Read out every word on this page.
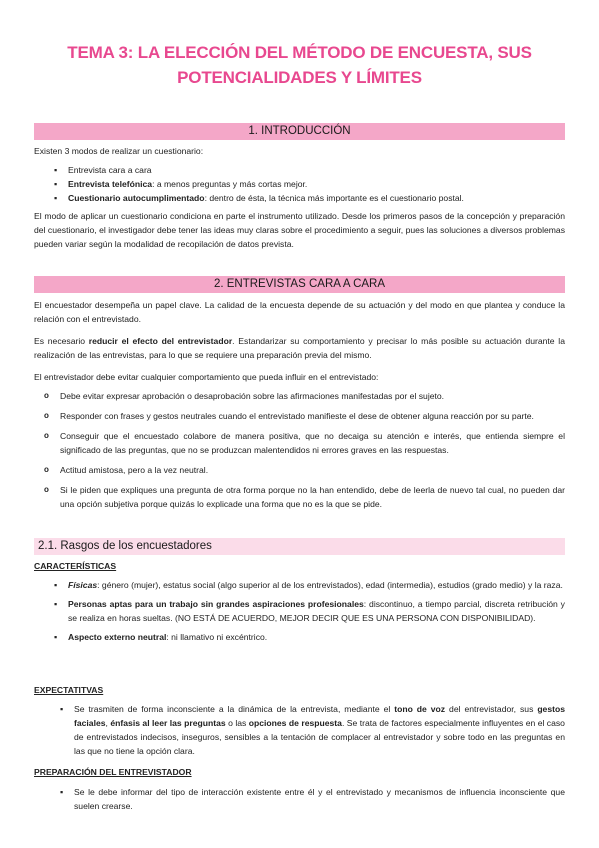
TEMA 3: LA ELECCIÓN DEL MÉTODO DE ENCUESTA, SUS
POTENCIALIDADES Y LÍMITES
1. INTRODUCCIÓN
Existen 3 modos de realizar un cuestionario:
▪ Entrevista cara a cara
▪ Entrevista telefónica: a menos preguntas y más cortas mejor.
▪ Cuestionario autocumplimentado: dentro de ésta, la técnica más importante es el cuestionario postal.
El modo de aplicar un cuestionario condiciona en parte el instrumento utilizado. Desde los primeros pasos de la concepción y preparación del cuestionario, el investigador debe tener las ideas muy claras sobre el procedimiento a seguir, pues las soluciones a diversos problemas pueden variar según la modalidad de recopilación de datos prevista.
2. ENTREVISTAS CARA A CARA
El encuestador desempeña un papel clave. La calidad de la encuesta depende de su actuación y del modo en que plantea y conduce la relación con el entrevistado.
Es necesario reducir el efecto del entrevistador. Estandarizar su comportamiento y precisar lo más posible su actuación durante la realización de las entrevistas, para lo que se requiere una preparación previa del mismo.
El entrevistador debe evitar cualquier comportamiento que pueda influir en el entrevistado:
o Debe evitar expresar aprobación o desaprobación sobre las afirmaciones manifestadas por el sujeto.
o Responder con frases y gestos neutrales cuando el entrevistado manifieste el dese de obtener alguna reacción por su parte.
o Conseguir que el encuestado colabore de manera positiva, que no decaiga su atención e interés, que entienda siempre el significado de las preguntas, que no se produzcan malentendidos ni errores graves en las respuestas.
o Actitud amistosa, pero a la vez neutral.
o Si le piden que expliques una pregunta de otra forma porque no la han entendido, debe de leerla de nuevo tal cual, no pueden dar una opción subjetiva porque quizás lo explicade una forma que no es la que se pide.
2.1. Rasgos de los encuestadores
CARACTERÍSTICAS
▪ Físicas: género (mujer), estatus social (algo superior al de los entrevistados), edad (intermedia), estudios (grado medio) y la raza.
▪ Personas aptas para un trabajo sin grandes aspiraciones profesionales: discontinuo, a tiempo parcial, discreta retribución y se realiza en horas sueltas. (NO ESTÁ DE ACUERDO, MEJOR DECIR QUE ES UNA PERSONA CON DISPONIBILIDAD).
▪ Aspecto externo neutral: ni llamativo ni excéntrico.
EXPECTATITVAS
▪ Se trasmiten de forma inconsciente a la dinámica de la entrevista, mediante el tono de voz del entrevistador, sus gestos faciales, énfasis al leer las preguntas o las opciones de respuesta. Se trata de factores especialmente influyentes en el caso de entrevistados indecisos, inseguros, sensibles a la tentación de complacer al entrevistador y sobre todo en las preguntas en las que no tiene la opción clara.
PREPARACIÓN DEL ENTREVISTADOR
▪ Se le debe informar del tipo de interacción existente entre él y el entrevistado y mecanismos de influencia inconsciente que suelen crearse.
